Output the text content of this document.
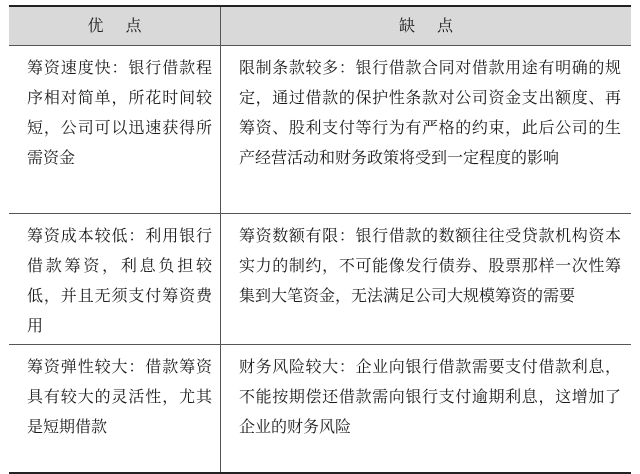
优点	缺点
筹资速度快：银行借款程序相对简单，所花时间较短，公司可以迅速获得所需资金
限制条款较多：银行借款合同对借款用途有明确的规定，通过借款的保护性条款对公司资金支出额度、再筹资、股利支付等行为有严格的约束，此后公司的生产经营活动和财务政策将受到一定程度的影响
筹资成本较低：利用银行借款筹资，利息负担较低，并且无须支付筹资费用
筹资数额有限：银行借款的数额往往受贷款机构资本实力的制约，不可能像发行债券、股票那样一次性筹集到大笔资金，无法满足公司大规模筹资的需要
筹资弹性较大：借款筹资具有较大的灵活性，尤其是短期借款
财务风险较大：企业向银行借款需要支付借款利息，不能按期偿还借款需向银行支付逾期利息，这增加了企业的财务风险
